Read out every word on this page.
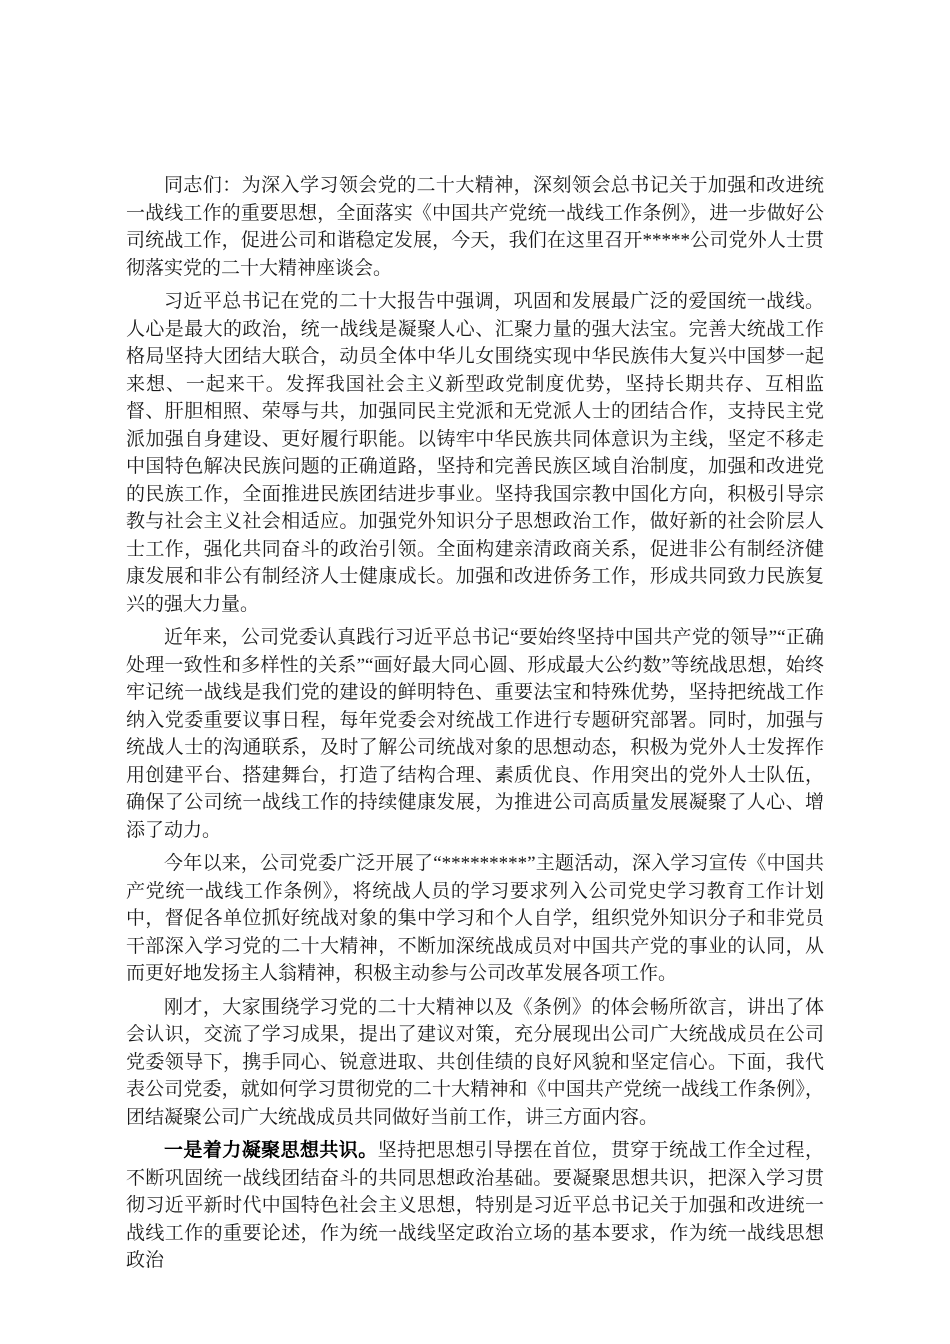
同志们：为深入学习领会党的二十大精神，深刻领会总书记关于加强和改进统一战线工作的重要思想，全面落实《中国共产党统一战线工作条例》，进一步做好公司统战工作，促进公司和谐稳定发展，今天，我们在这里召开*****公司党外人士贯彻落实党的二十大精神座谈会。

习近平总书记在党的二十大报告中强调，巩固和发展最广泛的爱国统一战线。人心是最大的政治，统一战线是凝聚人心、汇聚力量的强大法宝。完善大统战工作格局坚持大团结大联合，动员全体中华儿女围绕实现中华民族伟大复兴中国梦一起来想、一起来干。发挥我国社会主义新型政党制度优势，坚持长期共存、互相监督、肝胆相照、荣辱与共，加强同民主党派和无党派人士的团结合作，支持民主党派加强自身建设、更好履行职能。以铸牢中华民族共同体意识为主线，坚定不移走中国特色解决民族问题的正确道路，坚持和完善民族区域自治制度，加强和改进党的民族工作，全面推进民族团结进步事业。坚持我国宗教中国化方向，积极引导宗教与社会主义社会相适应。加强党外知识分子思想政治工作，做好新的社会阶层人士工作，强化共同奋斗的政治引领。全面构建亲清政商关系，促进非公有制经济健康发展和非公有制经济人士健康成长。加强和改进侨务工作，形成共同致力民族复兴的强大力量。

近年来，公司党委认真践行习近平总书记“要始终坚持中国共产党的领导”“正确处理一致性和多样性的关系”“画好最大同心圆、形成最大公约数”等统战思想，始终牢记统一战线是我们党的建设的鲜明特色、重要法宝和特殊优势，坚持把统战工作纳入党委重要议事日程，每年党委会对统战工作进行专题研究部署。同时，加强与统战人士的沟通联系，及时了解公司统战对象的思想动态，积极为党外人士发挥作用创建平台、搭建舞台，打造了结构合理、素质优良、作用突出的党外人士队伍，确保了公司统一战线工作的持续健康发展，为推进公司高质量发展凝聚了人心、增添了动力。

今年以来，公司党委广泛开展了“*********”主题活动，深入学习宣传《中国共产党统一战线工作条例》，将统战人员的学习要求列入公司党史学习教育工作计划中，督促各单位抓好统战对象的集中学习和个人自学，组织党外知识分子和非党员干部深入学习党的二十大精神，不断加深统战成员对中国共产党的事业的认同，从而更好地发扬主人翁精神，积极主动参与公司改革发展各项工作。

刚才，大家围绕学习党的二十大精神以及《条例》的体会畅所欲言，讲出了体会认识，交流了学习成果，提出了建议对策，充分展现出公司广大统战成员在公司党委领导下，携手同心、锐意进取、共创佳绩的良好风貌和坚定信心。下面，我代表公司党委，就如何学习贯彻党的二十大精神和《中国共产党统一战线工作条例》，团结凝聚公司广大统战成员共同做好当前工作，讲三方面内容。

一是着力凝聚思想共识。坚持把思想引导摆在首位，贯穿于统战工作全过程，不断巩固统一战线团结奋斗的共同思想政治基础。要凝聚思想共识，把深入学习贯彻习近平新时代中国特色社会主义思想，特别是习近平总书记关于加强和改进统一战线工作的重要论述，作为统一战线坚定政治立场的基本要求，作为统一战线思想政治
